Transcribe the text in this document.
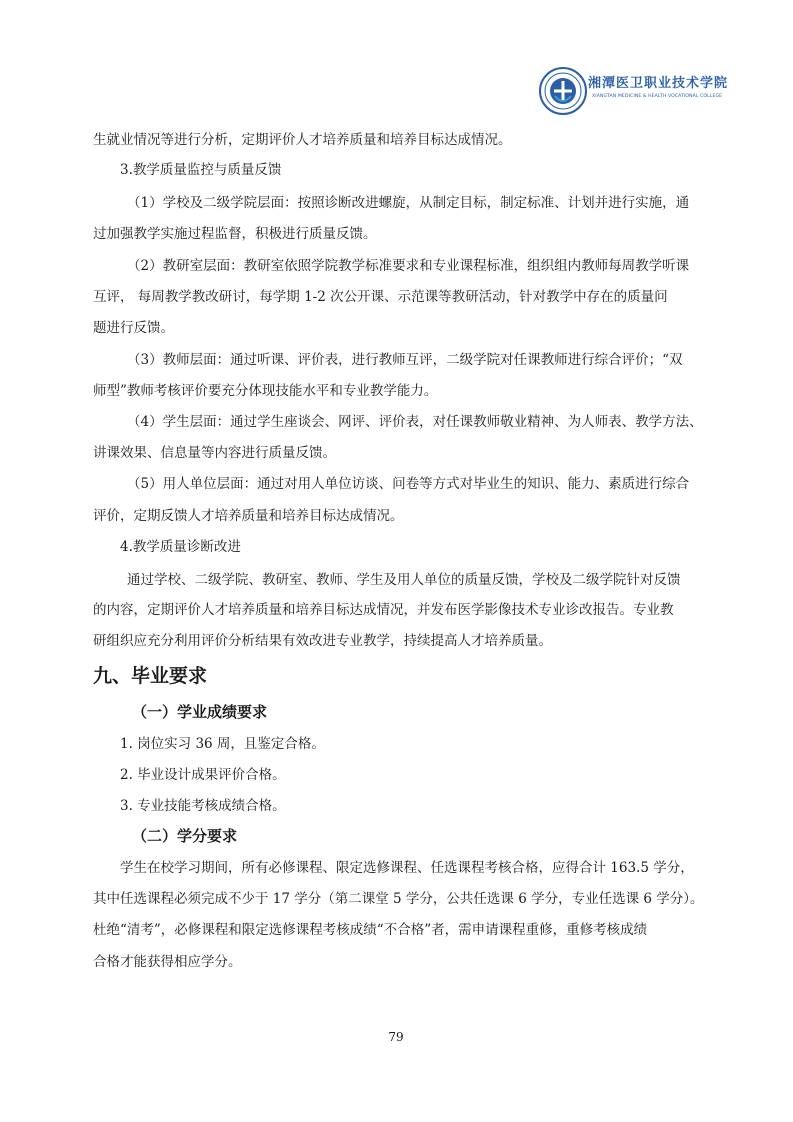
湘潭医卫职业技术学院
XIANGTAN MEDICINE & HEALTH VOCATIONAL COLLEGE
生就业情况等进行分析，定期评价人才培养质量和培养目标达成情况。
3.教学质量监控与质量反馈
（1）学校及二级学院层面：按照诊断改进螺旋，从制定目标，制定标准、计划并进行实施，通
过加强教学实施过程监督，积极进行质量反馈。
（2）教研室层面：教研室依照学院教学标准要求和专业课程标准，组织组内教师每周教学听课
互评， 每周教学教改研讨，每学期 1-2 次公开课、示范课等教研活动，针对教学中存在的质量问
题进行反馈。
（3）教师层面：通过听课、评价表，进行教师互评，二级学院对任课教师进行综合评价；“双
师型”教师考核评价要充分体现技能水平和专业教学能力。
（4）学生层面：通过学生座谈会、网评、评价表，对任课教师敬业精神、为人师表、教学方法、
讲课效果、信息量等内容进行质量反馈。
（5）用人单位层面：通过对用人单位访谈、问卷等方式对毕业生的知识、能力、素质进行综合
评价，定期反馈人才培养质量和培养目标达成情况。
4.教学质量诊断改进
通过学校、二级学院、教研室、教师、学生及用人单位的质量反馈，学校及二级学院针对反馈
的内容，定期评价人才培养质量和培养目标达成情况，并发布医学影像技术专业诊改报告。专业教
研组织应充分利用评价分析结果有效改进专业教学，持续提高人才培养质量。
九、毕业要求
（一）学业成绩要求
1. 岗位实习 36 周，且鉴定合格。
2. 毕业设计成果评价合格。
3. 专业技能考核成绩合格。
（二）学分要求
学生在校学习期间，所有必修课程、限定选修课程、任选课程考核合格，应得合计 163.5 学分，
其中任选课程必须完成不少于 17 学分（第二课堂 5 学分，公共任选课 6 学分，专业任选课 6 学分）。
杜绝“清考”，必修课程和限定选修课程考核成绩“不合格”者，需申请课程重修，重修考核成绩
合格才能获得相应学分。
79
